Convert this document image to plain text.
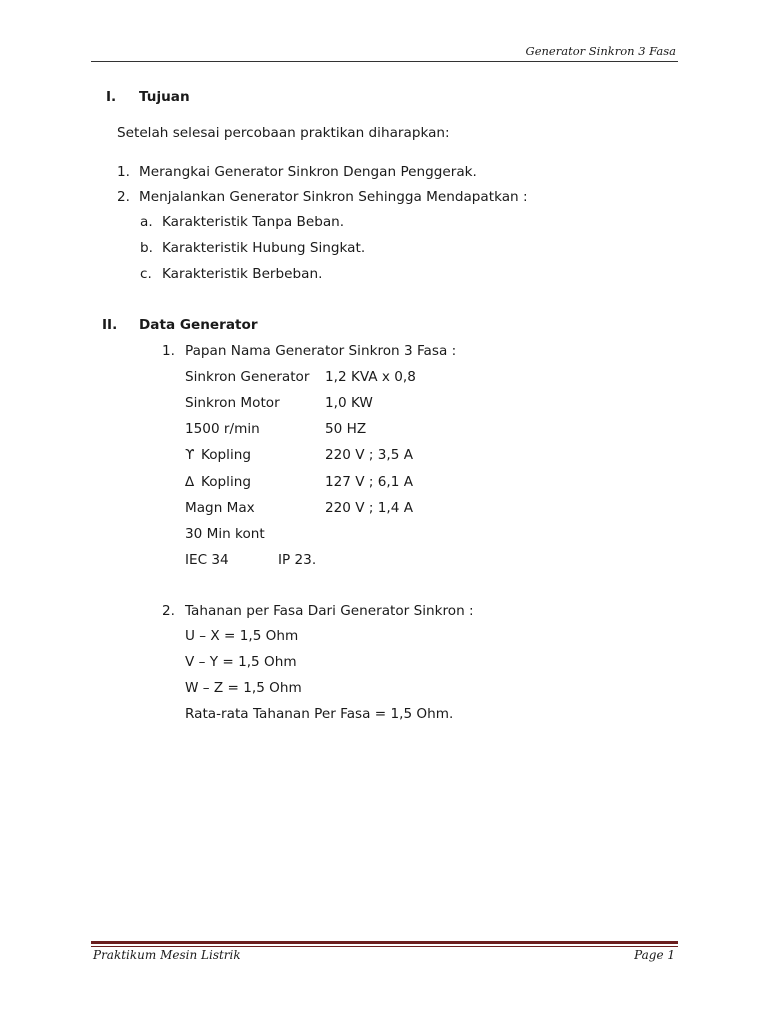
Generator Sinkron 3 Fasa
I. Tujuan
Setelah selesai percobaan praktikan diharapkan:
1. Merangkai Generator Sinkron Dengan Penggerak.
2. Menjalankan Generator Sinkron Sehingga Mendapatkan :
a. Karakteristik Tanpa Beban.
b. Karakteristik Hubung Singkat.
c. Karakteristik Berbeban.
II. Data Generator
1. Papan Nama Generator Sinkron 3 Fasa :
Sinkron Generator 1,2 KVA x 0,8
Sinkron Motor	1,0 KW
1500 r/min	50 HZ
ϒ Kopling	220 V ; 3,5 A
∆ Kopling	127 V ; 6,1 A
Magn Max	220 V ; 1,4 A
30 Min kont
IEC 34	IP 23.
2. Tahanan per Fasa Dari Generator Sinkron :
U – X = 1,5 Ohm
V – Y = 1,5 Ohm
W – Z = 1,5 Ohm
Rata-rata Tahanan Per Fasa = 1,5 Ohm.
Praktikum Mesin Listrik	Page 1
